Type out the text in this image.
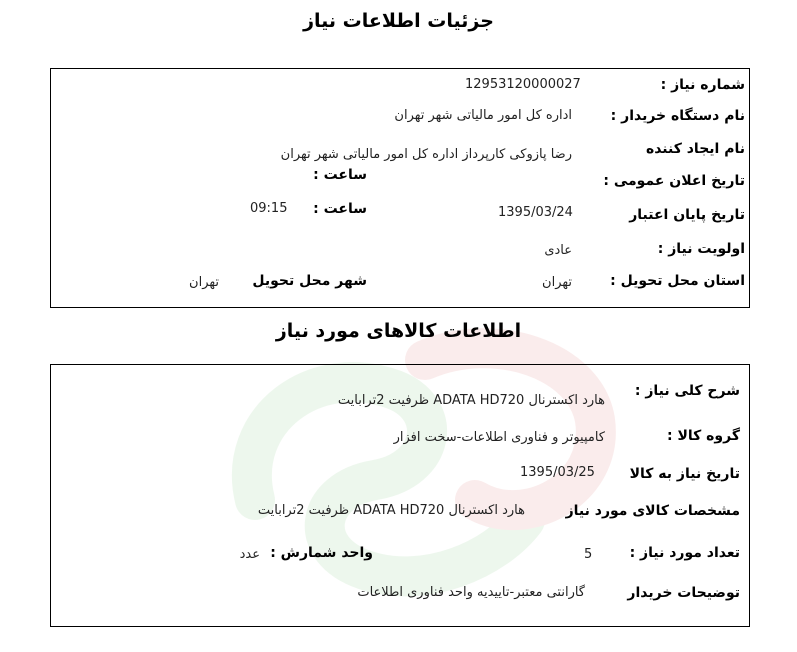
جزئیات اطلاعات نیاز
شماره نیاز :
12953120000027
نام دستگاه خریدار :
اداره کل امور مالیاتی شهر تهران
نام ایجاد کننده
رضا پازوکی کارپرداز اداره کل امور مالیاتی شهر تهران
تاریخ اعلان عمومی :
ساعت :
تاریخ پایان اعتبار
1395/03/24
ساعت :
09:15
اولویت نیاز :
عادی
استان محل تحویل :
تهران
شهر محل تحویل
تهران
اطلاعات کالاهای مورد نیاز
شرح کلی نیاز :
هارد اکسترنال ADATA HD720 ظرفیت 2ترابایت
گروه کالا :
کامپیوتر و فناوری اطلاعات-سخت افزار
تاریخ نیاز به کالا
1395/03/25
مشخصات کالای مورد نیاز
هارد اکسترنال ADATA HD720 ظرفیت 2ترابایت
تعداد مورد نیاز :
5
واحد شمارش :
عدد
توضیحات خریدار
گارانتی معتبر-تاییدیه واحد فناوری اطلاعات
